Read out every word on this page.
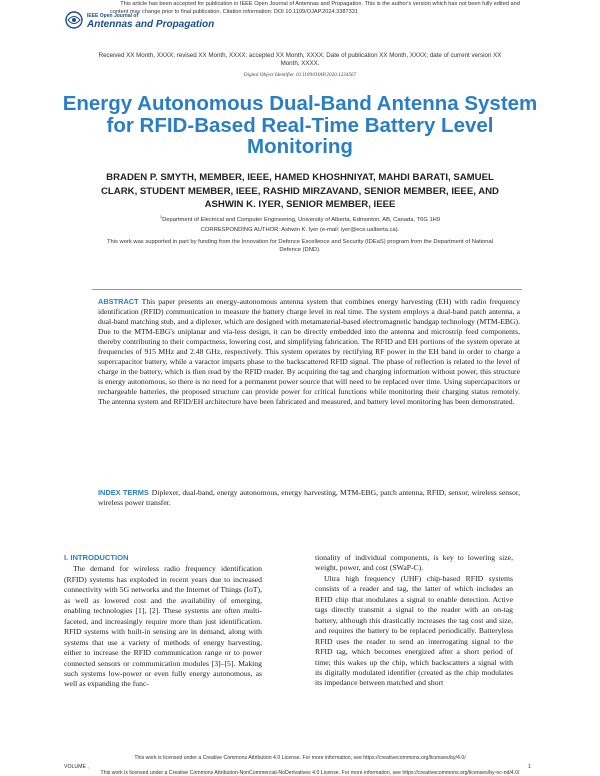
This article has been accepted for publication in IEEE Open Journal of Antennas and Propagation. This is the author's version which has not been fully edited and
content may change prior to final publication. Citation information: DOI 10.1109/OJAP.2024.3387331
IEEE Open Journal of
Antennas and Propagation
Received XX Month, XXXX; revised XX Month, XXXX; accepted XX Month, XXXX; Date of publication XX Month, XXXX; date of current version XX Month, XXXX.
Digital Object Identifier 10.1109/OJAP.2020.1234567
Energy Autonomous Dual-Band Antenna System for RFID-Based Real-Time Battery Level Monitoring
BRADEN P. SMYTH, MEMBER, IEEE, HAMED KHOSHNIYAT, MAHDI BARATI, SAMUEL CLARK, STUDENT MEMBER, IEEE, RASHID MIRZAVAND, SENIOR MEMBER, IEEE, AND ASHWIN K. IYER, SENIOR MEMBER, IEEE
$^1$Department of Electrical and Computer Engineering, University of Alberta, Edmonton, AB, Canada, T6G 1H9
CORRESPONDING AUTHOR: Ashwin K. Iyer (e-mail: iyer@ece.ualberta.ca).
This work was supported in part by funding from the Innovation for Defence Excellence and Security (IDEaS) program from the Department of National Defence (DND).
ABSTRACT This paper presents an energy-autonomous antenna system that combines energy harvesting (EH) with radio frequency identification (RFID) communication to measure the battery charge level in real time. The system employs a dual-band patch antenna, a dual-band matching stub, and a diplexer, which are designed with metamaterial-based electromagnetic bandgap technology (MTM-EBG). Due to the MTM-EBG's uniplanar and via-less design, it can be directly embedded into the antenna and microstrip feed components, thereby contributing to their compactness, lowering cost, and simplifying fabrication. The RFID and EH portions of the system operate at frequencies of 915 MHz and 2.48 GHz, respectively. This system operates by rectifying RF power in the EH band in order to charge a supercapacitor battery, while a varactor imparts phase to the backscattered RFID signal. The phase of reflection is related to the level of charge in the battery, which is then read by the RFID reader. By acquiring the tag and charging information without power, this structure is energy autonomous, so there is no need for a permanent power source that will need to be replaced over time. Using supercapacitors or rechargeable batteries, the proposed structure can provide power for critical functions while monitoring their charging status remotely. The antenna system and RFID/EH architecture have been fabricated and measured, and battery level monitoring has been demonstrated.
INDEX TERMS Diplexer, dual-band, energy autonomous, energy harvesting, MTM-EBG, patch antenna, RFID, sensor, wireless sensor, wireless power transfer.
I. INTRODUCTION

The demand for wireless radio frequency identification (RFID) systems has exploded in recent years due to increased connectivity with 5G networks and the Internet of Things (IoT), as well as lowered cost and the availability of emerging, enabling technologies [1], [2]. These systems are often multi-faceted, and increasingly require more than just identification. RFID systems with built-in sensing are in demand, along with systems that use a variety of methods of energy harvesting, either to increase the RFID communication range or to power connected sensors or communication modules [3]–[5]. Making such systems low-power or even fully energy autonomous, as well as expanding the func-

tionality of individual components, is key to lowering size, weight, power, and cost (SWaP-C).

Ultra high frequency (UHF) chip-based RFID systems consists of a reader and tag, the latter of which includes an RFID chip that modulates a signal to enable detection. Active tags directly transmit a signal to the reader with an on-tag battery, although this drastically increases the tag cost and size, and requires the battery to be replaced periodically. Batteryless RFID uses the reader to send an interrogating signal to the RFID tag, which becomes energized after a short period of time; this wakes up the chip, which backscatters a signal with its digitally modulated identifier (created as the chip modulates its impedance between matched and short

This work is licensed under a Creative Commons Attribution 4.0 License. For more information, see https://creativecommons.org/licenses/by/4.0/
VOLUME ,	1
This work is licensed under a Creative Commons Attribution-NonCommercial-NoDerivatives 4.0 License. For more information, see https://creativecommons.org/licenses/by-nc-nd/4.0/
